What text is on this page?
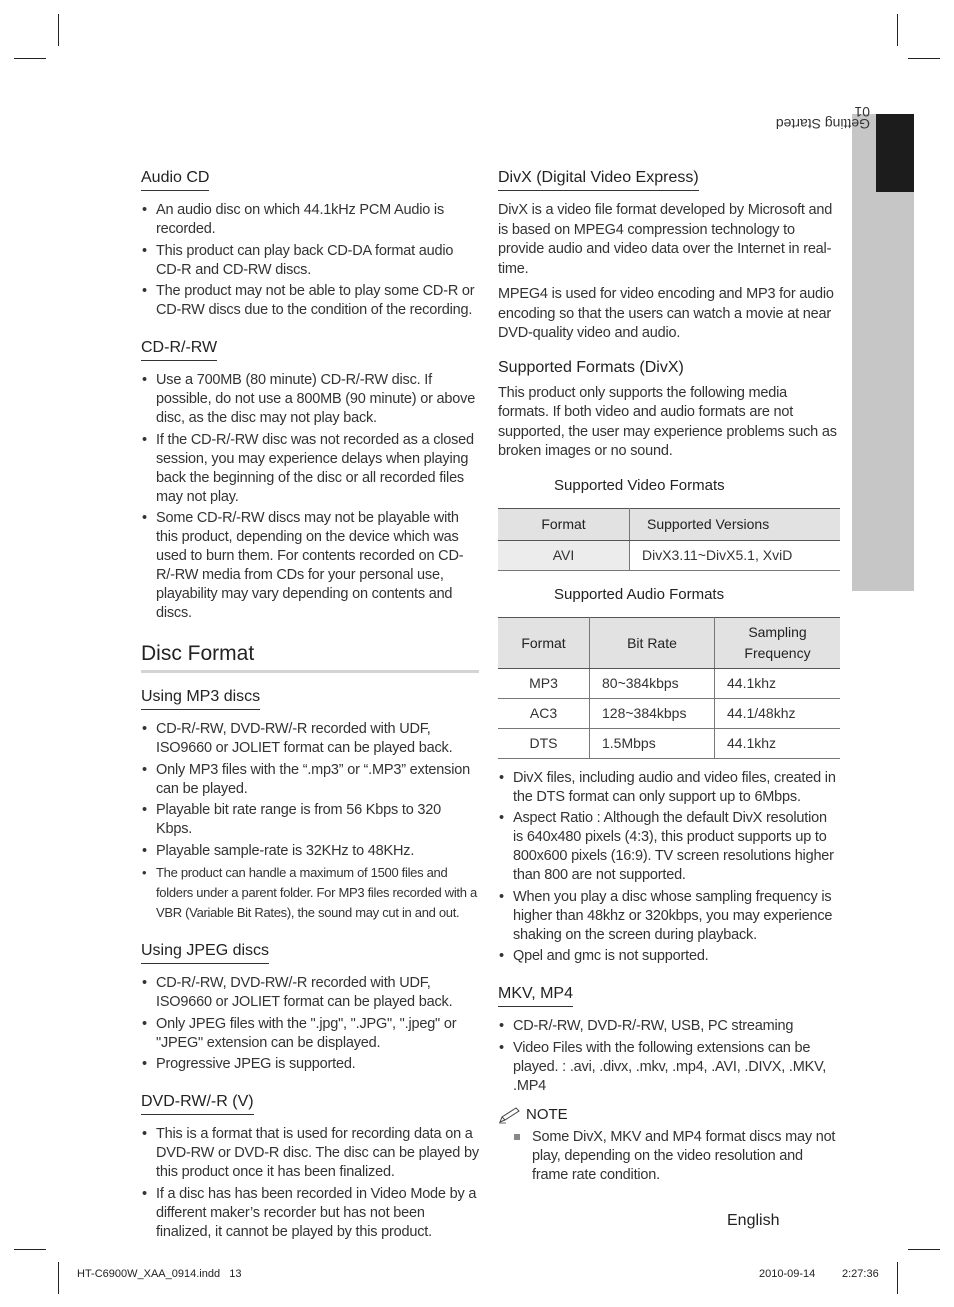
01

Getting Started
Audio CD
• An audio disc on which 44.1kHz PCM Audio is recorded.
• This product can play back CD-DA format audio CD-R and CD-RW discs.
• The product may not be able to play some CD-R or CD-RW discs due to the condition of the recording.
CD-R/-RW
• Use a 700MB (80 minute) CD-R/-RW disc. If possible, do not use a 800MB (90 minute) or above disc, as the disc may not play back.
• If the CD-R/-RW disc was not recorded as a closed session, you may experience delays when playing back the beginning of the disc or all recorded files may not play.
• Some CD-R/-RW discs may not be playable with this product, depending on the device which was used to burn them. For contents recorded on CD-R/-RW media from CDs for your personal use, playability may vary depending on contents and discs.
Disc Format
Using MP3 discs
• CD-R/-RW, DVD-RW/-R recorded with UDF, ISO9660 or JOLIET format can be played back.
• Only MP3 files with the “.mp3” or “.MP3” extension can be played.
• Playable bit rate range is from 56 Kbps to 320 Kbps.
• Playable sample-rate is 32KHz to 48KHz.
• The product can handle a maximum of 1500 files and folders under a parent folder. For MP3 files recorded with a VBR (Variable Bit Rates), the sound may cut in and out.
Using JPEG discs
• CD-R/-RW, DVD-RW/-R recorded with UDF, ISO9660 or JOLIET format can be played back.
• Only JPEG files with the ".jpg", ".JPG", ".jpeg" or "JPEG" extension can be displayed.
• Progressive JPEG is supported.
DVD-RW/-R (V)
• This is a format that is used for recording data on a DVD-RW or DVD-R disc. The disc can be played by this product once it has been finalized.
• If a disc has has been recorded in Video Mode by a different maker’s recorder but has not been finalized, it cannot be played by this product.
DivX (Digital Video Express)

DivX is a video file format developed by Microsoft and is based on MPEG4 compression technology to provide audio and video data over the Internet in real-time.

MPEG4 is used for video encoding and MP3 for audio encoding so that the users can watch a movie at near DVD-quality video and audio.

Supported Formats (DivX)

This product only supports the following media formats. If both video and audio formats are not supported, the user may experience problems such as broken images or no sound.

Supported Video Formats
Format	Supported Versions
AVI	DivX3.11~DivX5.1, XviD
Supported Audio Formats
Format	Bit Rate	Sampling
Frequency
MP3	80~384kbps	44.1khz
AC3	128~384kbps	44.1/48khz
DTS	1.5Mbps	44.1khz
• DivX files, including audio and video files, created in the DTS format can only support up to 6Mbps.
• Aspect Ratio : Although the default DivX resolution is 640x480 pixels (4:3), this product supports up to 800x600 pixels (16:9). TV screen resolutions higher than 800 are not supported.
• When you play a disc whose sampling frequency is higher than 48khz or 320kbps, you may experience shaking on the screen during playback.
• Qpel and gmc is not supported.
MKV, MP4
• CD-R/-RW, DVD-R/-RW, USB, PC streaming
• Video Files with the following extensions can be played. : .avi, .divx, .mkv, .mp4, .AVI, .DIVX, .MKV, .MP4
NOTE
Some DivX, MKV and MP4 format discs may not play, depending on the video resolution and frame rate condition.
English
HT-C6900W_XAA_0914.indd   13	2010-09-14 2:27:36
